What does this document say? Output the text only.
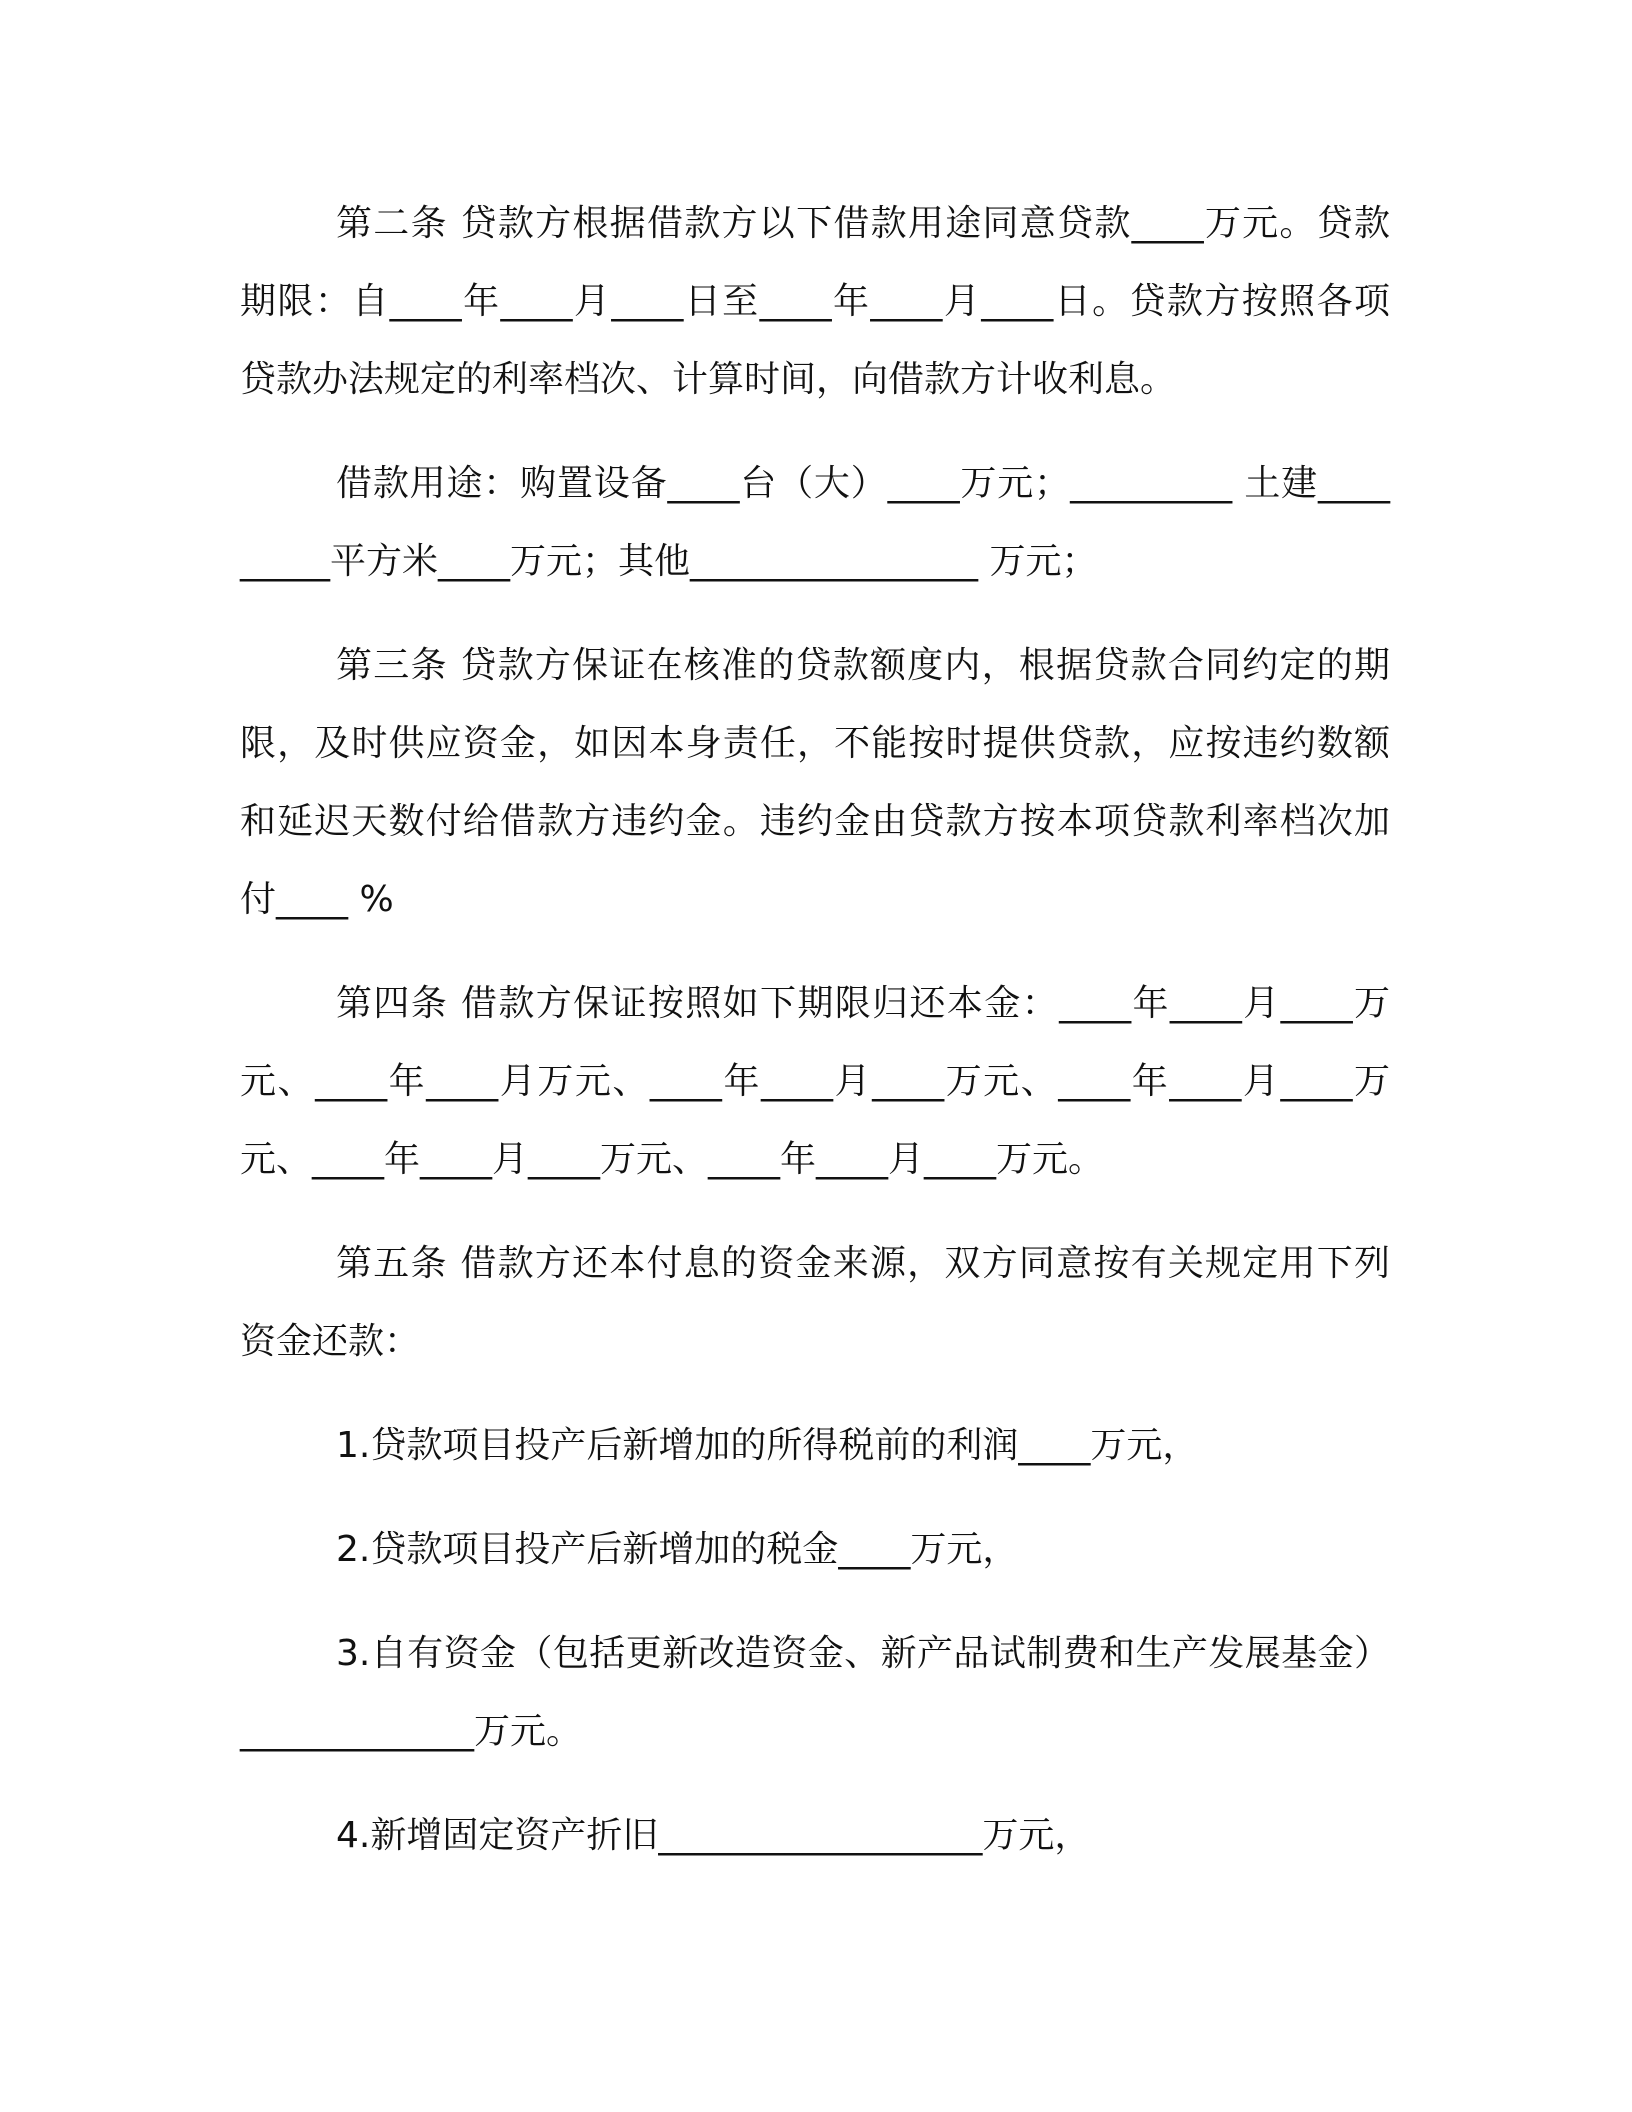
第二条 贷款方根据借款方以下借款用途同意贷款____万元。贷款期限：自____年____月____日至____年____月____日。贷款方按照各项贷款办法规定的利率档次、计算时间，向借款方计收利息。

借款用途：购置设备____台（大）____万元；_________ 土建_________平方米____万元；其他________________ 万元；

第三条 贷款方保证在核准的贷款额度内，根据贷款合同约定的期限，及时供应资金，如因本身责任，不能按时提供贷款，应按违约数额和延迟天数付给借款方违约金。违约金由贷款方按本项贷款利率档次加付____ %

第四条 借款方保证按照如下期限归还本金：____年____月____万元、____年____月万元、____年____月____万元、____年____月____万元、____年____月____万元、____年____月____万元。

第五条 借款方还本付息的资金来源，双方同意按有关规定用下列资金还款：

1.贷款项目投产后新增加的所得税前的利润____万元，

2.贷款项目投产后新增加的税金____万元，

3.自有资金（包括更新改造资金、新产品试制费和生产发展基金）_____________万元。

4.新增固定资产折旧__________________万元，
